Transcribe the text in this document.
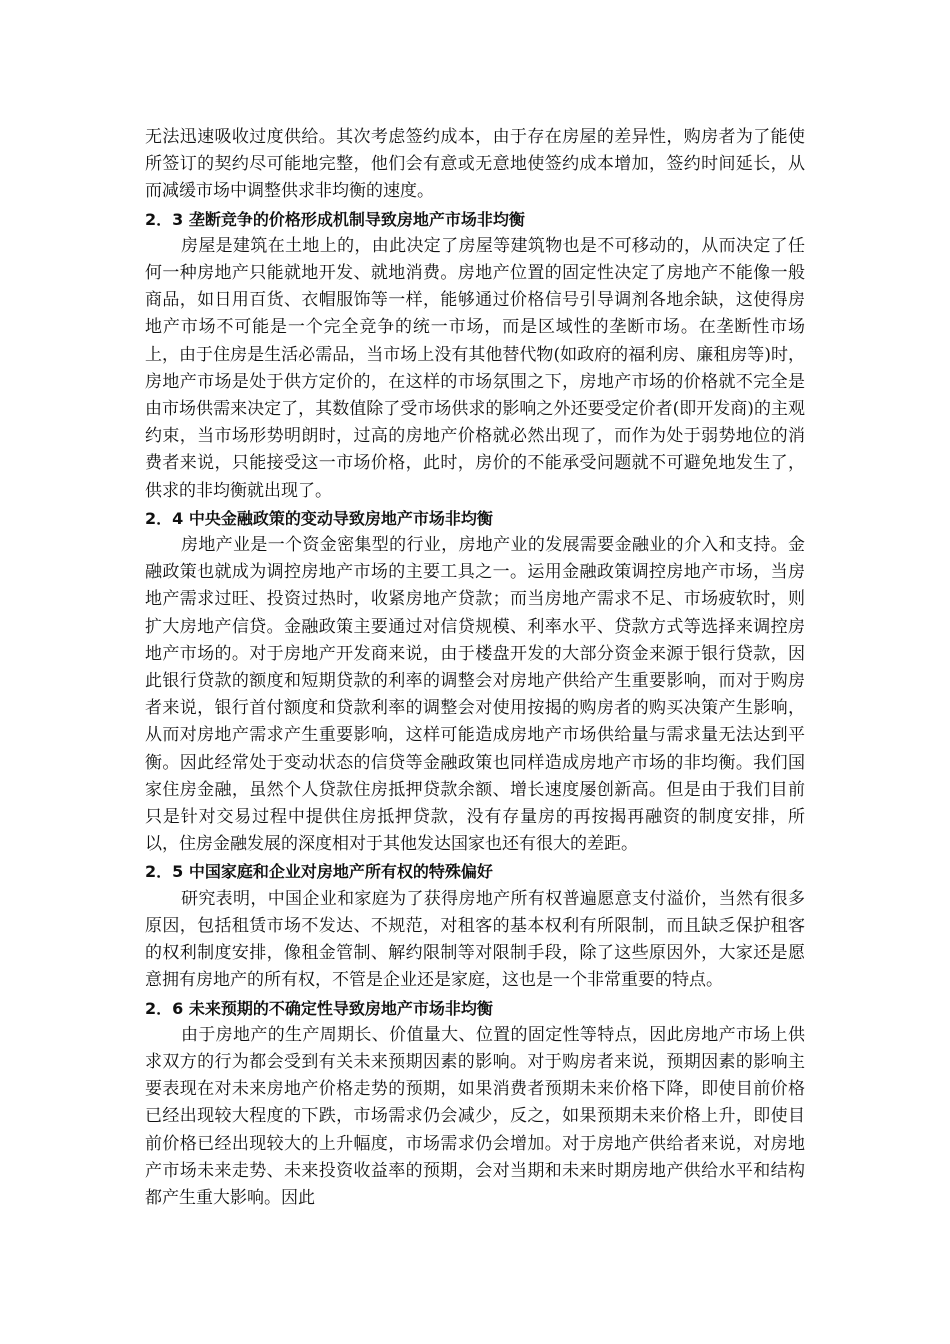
无法迅速吸收过度供给。其次考虑签约成本，由于存在房屋的差异性，购房者为了能使所签订的契约尽可能地完整，他们会有意或无意地使签约成本增加，签约时间延长，从而减缓市场中调整供求非均衡的速度。

2．3 垄断竞争的价格形成机制导致房地产市场非均衡

房屋是建筑在土地上的，由此决定了房屋等建筑物也是不可移动的，从而决定了任何一种房地产只能就地开发、就地消费。房地产位置的固定性决定了房地产不能像一般商品，如日用百货、衣帽服饰等一样，能够通过价格信号引导调剂各地余缺，这使得房地产市场不可能是一个完全竞争的统一市场，而是区域性的垄断市场。在垄断性市场上，由于住房是生活必需品，当市场上没有其他替代物(如政府的福利房、廉租房等)时，房地产市场是处于供方定价的，在这样的市场氛围之下，房地产市场的价格就不完全是由市场供需来决定了，其数值除了受市场供求的影响之外还要受定价者(即开发商)的主观约束，当市场形势明朗时，过高的房地产价格就必然出现了，而作为处于弱势地位的消费者来说，只能接受这一市场价格，此时，房价的不能承受问题就不可避免地发生了，供求的非均衡就出现了。

2．4 中央金融政策的变动导致房地产市场非均衡

房地产业是一个资金密集型的行业，房地产业的发展需要金融业的介入和支持。金融政策也就成为调控房地产市场的主要工具之一。运用金融政策调控房地产市场，当房地产需求过旺、投资过热时，收紧房地产贷款；而当房地产需求不足、市场疲软时，则扩大房地产信贷。金融政策主要通过对信贷规模、利率水平、贷款方式等选择来调控房地产市场的。对于房地产开发商来说，由于楼盘开发的大部分资金来源于银行贷款，因此银行贷款的额度和短期贷款的利率的调整会对房地产供给产生重要影响，而对于购房者来说，银行首付额度和贷款利率的调整会对使用按揭的购房者的购买决策产生影响，从而对房地产需求产生重要影响，这样可能造成房地产市场供给量与需求量无法达到平衡。因此经常处于变动状态的信贷等金融政策也同样造成房地产市场的非均衡。我们国家住房金融，虽然个人贷款住房抵押贷款余额、增长速度屡创新高。但是由于我们目前只是针对交易过程中提供住房抵押贷款，没有存量房的再按揭再融资的制度安排，所以，住房金融发展的深度相对于其他发达国家也还有很大的差距。

2．5 中国家庭和企业对房地产所有权的特殊偏好

研究表明，中国企业和家庭为了获得房地产所有权普遍愿意支付溢价，当然有很多原因，包括租赁市场不发达、不规范，对租客的基本权利有所限制，而且缺乏保护租客的权利制度安排，像租金管制、解约限制等对限制手段，除了这些原因外，大家还是愿意拥有房地产的所有权，不管是企业还是家庭，这也是一个非常重要的特点。

2．6 未来预期的不确定性导致房地产市场非均衡

由于房地产的生产周期长、价值量大、位置的固定性等特点，因此房地产市场上供求双方的行为都会受到有关未来预期因素的影响。对于购房者来说，预期因素的影响主要表现在对未来房地产价格走势的预期，如果消费者预期未来价格下降，即使目前价格已经出现较大程度的下跌，市场需求仍会减少，反之，如果预期未来价格上升，即使目前价格已经出现较大的上升幅度，市场需求仍会增加。对于房地产供给者来说，对房地产市场未来走势、未来投资收益率的预期，会对当期和未来时期房地产供给水平和结构都产生重大影响。因此
